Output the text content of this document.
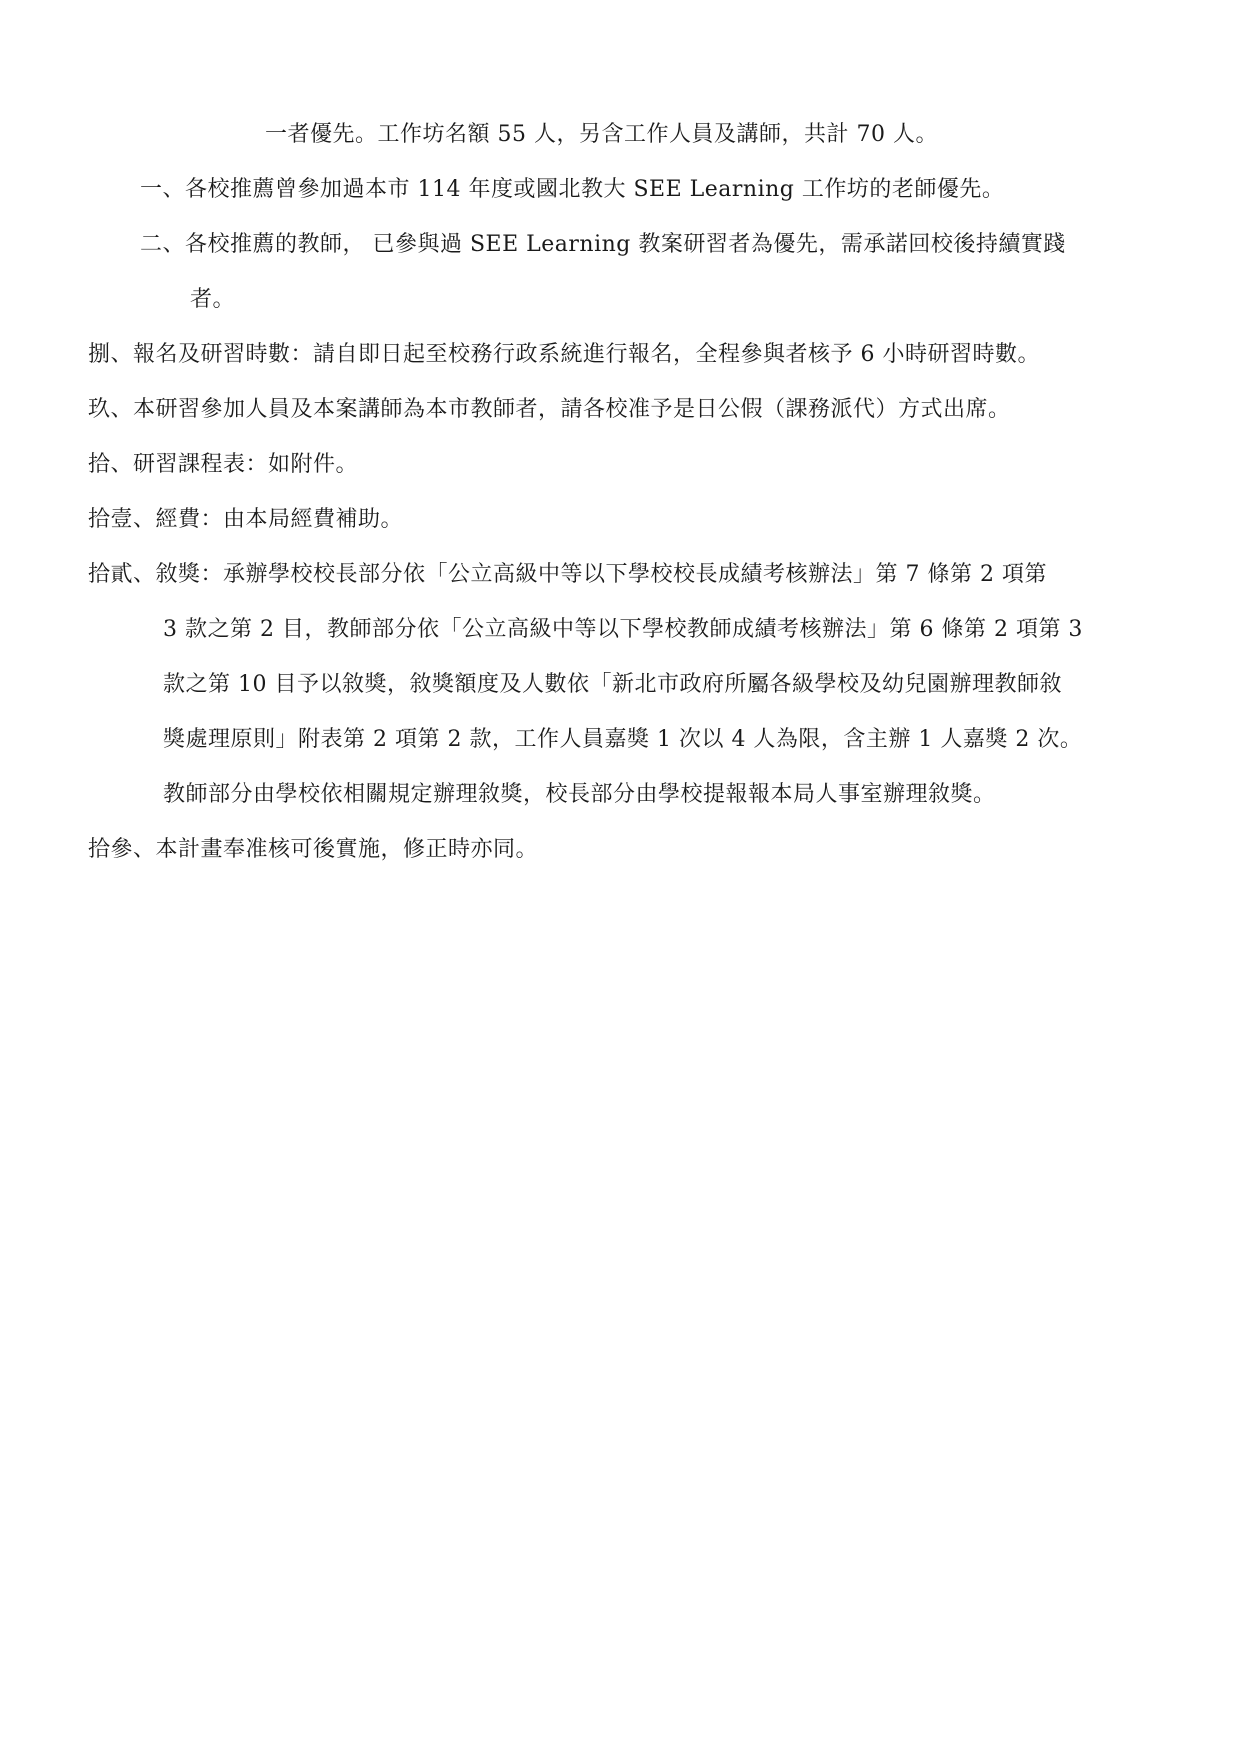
一者優先。工作坊名額 55 人，另含工作人員及講師，共計 70 人。
一、各校推薦曾參加過本市 114 年度或國北教大 SEE Learning 工作坊的老師優先。
二、各校推薦的教師， 已參與過 SEE Learning 教案研習者為優先，需承諾回校後持續實踐
者。
捌、報名及研習時數：請自即日起至校務行政系統進行報名，全程參與者核予 6 小時研習時數。
玖、本研習參加人員及本案講師為本市教師者，請各校准予是日公假（課務派代）方式出席。
拾、研習課程表：如附件。
拾壹、經費：由本局經費補助。
拾貳、敘獎：承辦學校校長部分依「公立高級中等以下學校校長成績考核辦法」第 7 條第 2 項第
3 款之第 2 目，教師部分依「公立高級中等以下學校教師成績考核辦法」第 6 條第 2 項第 3
款之第 10 目予以敘獎，敘獎額度及人數依「新北市政府所屬各級學校及幼兒園辦理教師敘
獎處理原則」附表第 2 項第 2 款，工作人員嘉獎 1 次以 4 人為限，含主辦 1 人嘉獎 2 次。
教師部分由學校依相關規定辦理敘獎，校長部分由學校提報報本局人事室辦理敘獎。
拾參、本計畫奉准核可後實施，修正時亦同。
